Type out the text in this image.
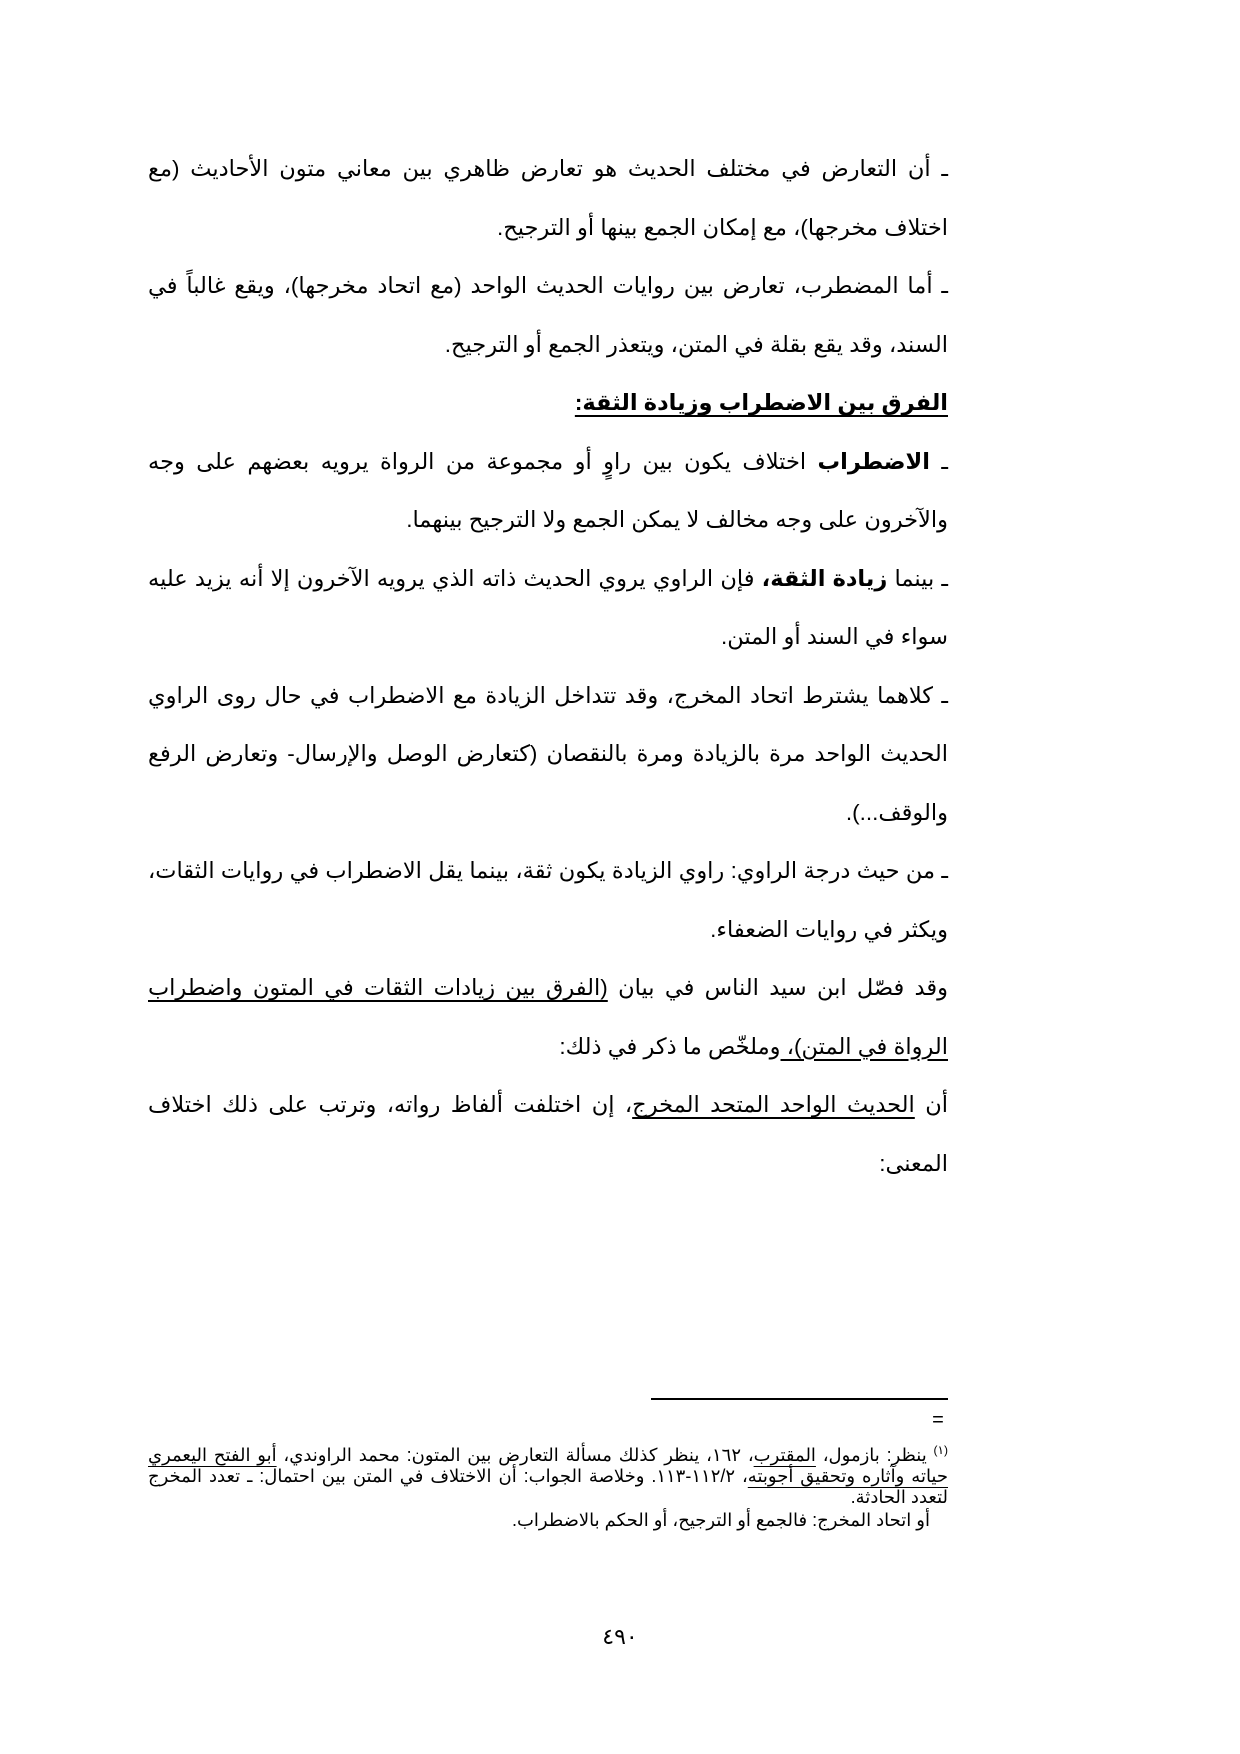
ـ أن التعارض في مختلف الحديث هو تعارض ظاهري بين معاني متون الأحاديث (مع اختلاف مخرجها)، مع إمكان الجمع بينها أو الترجيح.

ـ أما المضطرب، تعارض بين روايات الحديث الواحد (مع اتحاد مخرجها)، ويقع غالباً في السند، وقد يقع بقلة في المتن، ويتعذر الجمع أو الترجيح.

الفرق بين الاضطراب وزيادة الثقة:

ـ الاضطراب اختلاف يكون بين راوٍ أو مجموعة من الرواة يرويه بعضهم على وجه والآخرون على وجه مخالف لا يمكن الجمع ولا الترجيح بينهما.

ـ بينما زيادة الثقة، فإن الراوي يروي الحديث ذاته الذي يرويه الآخرون إلا أنه يزيد عليه سواء في السند أو المتن.

ـ كلاهما يشترط اتحاد المخرج، وقد تتداخل الزيادة مع الاضطراب في حال روى الراوي الحديث الواحد مرة بالزيادة ومرة بالنقصان (كتعارض الوصل والإرسال- وتعارض الرفع والوقف...).

ـ من حيث درجة الراوي: راوي الزيادة يكون ثقة، بينما يقل الاضطراب في روايات الثقات، ويكثر في روايات الضعفاء.

وقد فصّل ابن سيد الناس في بيان (الفرق بين زيادات الثقات في المتون واضطراب الرواة في المتن)، وملخّص ما ذكر في ذلك:

أن الحديث الواحد المتحد المخرج، إن اختلفت ألفاظ رواته، وترتب على ذلك اختلاف المعنى:

=

$^{(١)}$ ينظر: بازمول، المقترب، ١٦٢، ينظر كذلك مسألة التعارض بين المتون: محمد الراوندي، أبو الفتح اليعمري حياته وآثاره وتحقيق أجوبته، ١١٢/٢-١١٣. وخلاصة الجواب: أن الاختلاف في المتن بين احتمال: ـ تعدد المخرج لتعدد الحادثة.

أو اتحاد المخرج: فالجمع أو الترجيح، أو الحكم بالاضطراب.

٤٩٠
